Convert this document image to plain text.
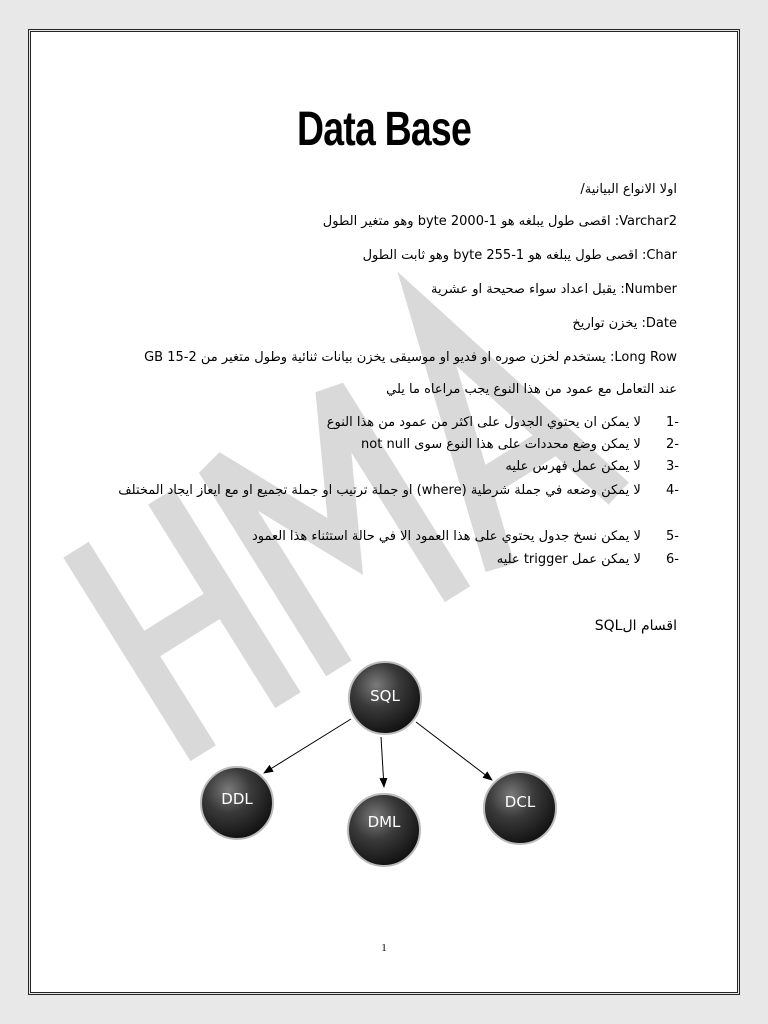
Data Base
اولا الانواع البيانية/
Varchar2: اقصى طول يبلغه هو 1-2000 byte وهو متغير الطول
Char: اقصى طول يبلغه هو 1-255 byte وهو ثابت الطول
Number: يقبل اعداد سواء صحيحة او عشرية
Date: يخزن تواريخ
Long Row: يستخدم لخزن صوره او فديو او موسيقى يخزن بيانات ثنائية وطول متغير من 2-15 GB
عند التعامل مع عمود من هذا النوع يجب مراعاه ما يلي
-1 لا يمكن ان يحتوي الجدول على اكثر من عمود من هذا النوع
-2 لا يمكن وضع محددات على هذا النوع سوى not null
-3 لا يمكن عمل فهرس عليه
-4 لا يمكن وضعه في جملة شرطية (where) او جملة ترتيب او جملة تجميع او مع ايعاز ايجاد المختلف
-5 لا يمكن نسخ جدول يحتوي على هذا العمود الا في حالة استثناء هذا العمود
-6 لا يمكن عمل trigger عليه
اقسام الSQL
SQL
DDL
DML
DCL
1
